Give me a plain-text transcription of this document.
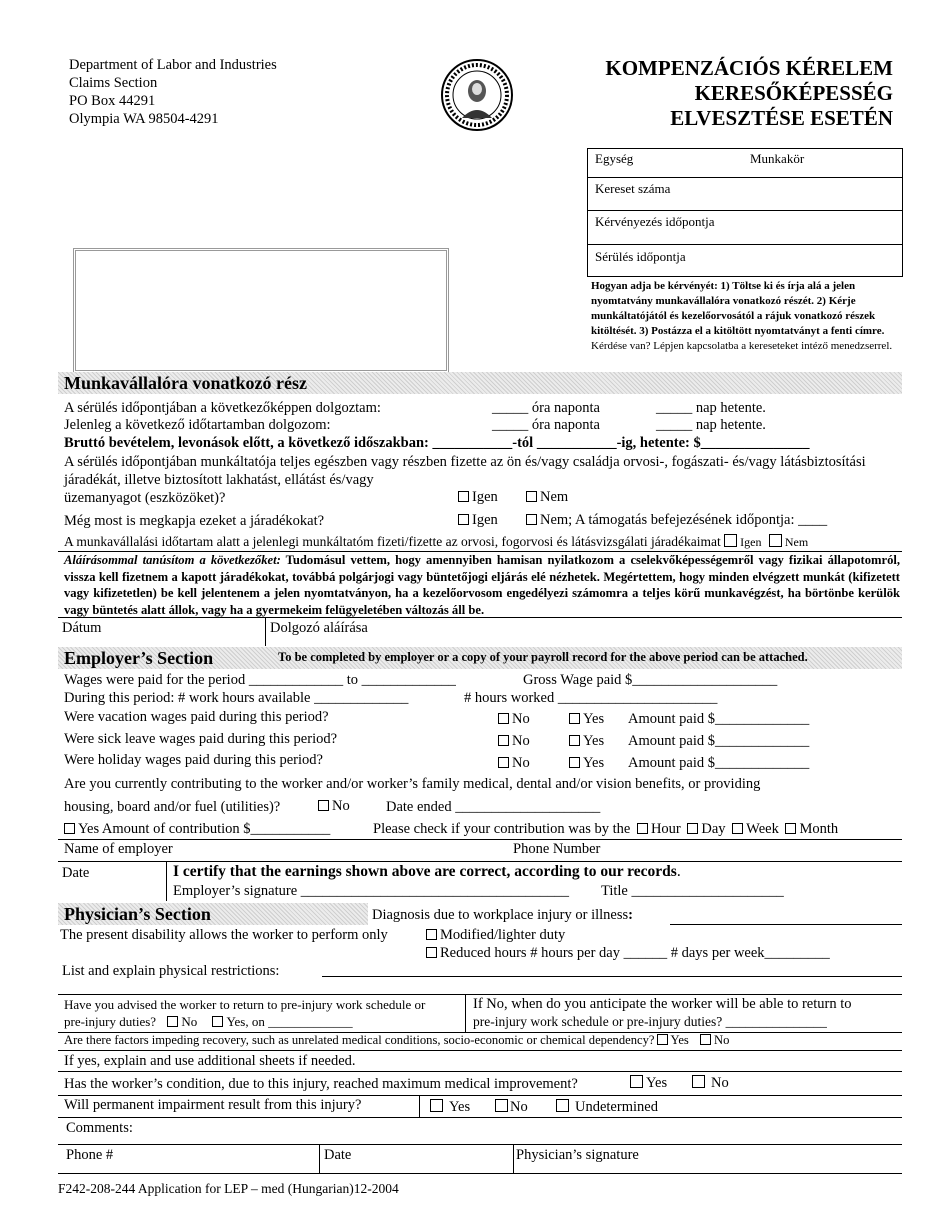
Department of Labor and Industries
Claims Section
PO Box 44291
Olympia WA 98504-4291
KOMPENZÁCIÓS KÉRELEM
KERESŐKÉPESSÉG
ELVESZTÉSE ESETÉN
Egység	Munkakör
Kereset száma
Kérvényezés időpontja
Sérülés időpontja
Hogyan adja be kérvényét: 1) Töltse ki és írja alá a jelen nyomtatvány munkavállalóra vonatkozó részét. 2) Kérje munkáltatójától és kezelőorvosától a rájuk vonatkozó részek kitöltését. 3) Postázza el a kitöltött nyomtatványt a fenti címre. Kérdése van? Lépjen kapcsolatba a kereseteket intéző menedzserrel.
Munkavállalóra vonatkozó rész
A sérülés időpontjában a következőképpen dolgoztam:	_____ óra naponta	_____ nap hetente.
Jelenleg a következő időtartamban dolgozom:	_____ óra naponta	_____ nap hetente.
Bruttó bevételem, levonások előtt, a következő időszakban: ___________-tól ___________-ig, hetente: $_______________
A sérülés időpontjában munkáltatója teljes egészben vagy részben fizette az ön és/vagy családja orvosi-, fogászati- és/vagy látásbiztosítási
járadékát, illetve biztosított lakhatást, ellátást és/vagy
üzemanyagot (eszközöket)?	Igen	Nem
Még most is megkapja ezeket a járadékokat?	Igen	Nem; A támogatás befejezésének időpontja: ____
A munkavállalási időtartam alatt a jelenlegi munkáltatóm fizeti/fizette az orvosi, fogorvosi és látásvizsgálati járadékaimat Igen Nem
Aláírásommal tanúsítom a következőket: Tudomásul vettem, hogy amennyiben hamisan nyilatkozom a cselekvőképességemről vagy fizikai állapotomról, vissza kell fizetnem a kapott járadékokat, továbbá polgárjogi vagy büntetőjogi eljárás elé nézhetek. Megértettem, hogy minden elvégzett munkát (kifizetett vagy kifizetetlen) be kell jelentenem a jelen nyomtatványon, ha a kezelőorvosom engedélyezi számomra a teljes körű munkavégzést, ha börtönbe kerülök vagy büntetés alatt állok, vagy ha a gyermekeim felügyeletében változás áll be.
Dátum	Dolgozó aláírása
Employer’s Section	To be completed by employer or a copy of your payroll record for the above period can be attached.
Wages were paid for the period _____________ to _____________	Gross Wage paid $____________________
During this period: # work hours available _____________	# hours worked ______________________
Were vacation wages paid during this period?	No	Yes Amount paid $_____________
Were sick leave wages paid during this period?	No	Yes Amount paid $_____________
Were holiday wages paid during this period?	No	Yes Amount paid $_____________
Are you currently contributing to the worker and/or worker’s family medical, dental and/or vision benefits, or providing
housing, board and/or fuel (utilities)?	No	Date ended ____________________
Yes Amount of contribution $___________	Please check if your contribution was by the Hour Day Week Month
Name of employer	Phone Number
Date	I certify that the earnings shown above are correct, according to our records.
Employer’s signature _____________________________________ Title _____________________
Physician’s Section	Diagnosis due to workplace injury or illness:
The present disability allows the worker to perform only	Modified/lighter duty
Reduced hours # hours per day ______ # days per week_________
List and explain physical restrictions:
Have you advised the worker to return to pre-injury work schedule or
pre-injury duties? No Yes, on _____________
If No, when do you anticipate the worker will be able to return to
pre-injury work schedule or pre-injury duties? _______________
Are there factors impeding recovery, such as unrelated medical conditions, socio-economic or chemical dependency? Yes No
If yes, explain and use additional sheets if needed.
Has the worker’s condition, due to this injury, reached maximum medical improvement?	Yes	No
Will permanent impairment result from this injury?	Yes	No	Undetermined
Comments:
Phone #	Date	Physician’s signature
F242-208-244 Application for LEP – med (Hungarian)12-2004
